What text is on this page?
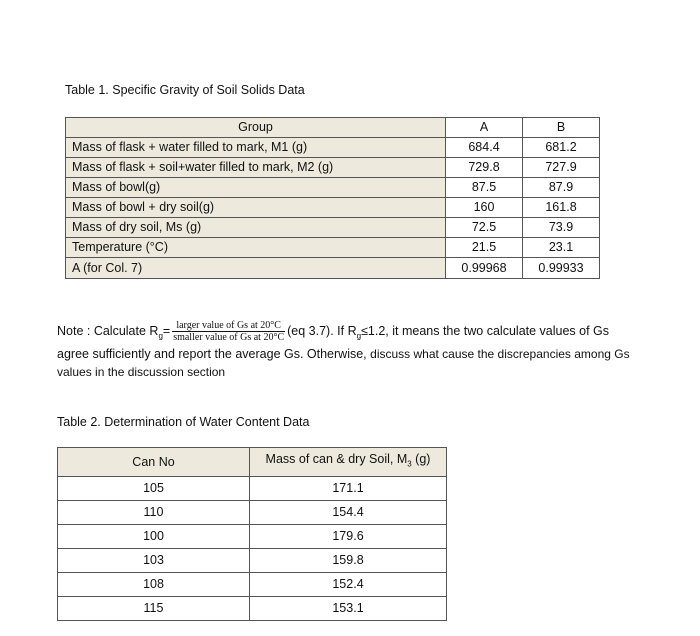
Table 1. Specific Gravity of Soil Solids Data
Group	A	B
Mass of flask + water filled to mark, M1 (g)	684.4	681.2
Mass of flask + soil+water filled to mark, M2 (g)	729.8	727.9
Mass of bowl(g)	87.5	87.9
Mass of bowl + dry soil(g)	160	161.8
Mass of dry soil, Ms (g)	72.5	73.9
Temperature (°C)	21.5	23.1
A (for Col. 7)	0.99968	0.99933
Note : Calculate $R_g= \frac{\text{larger value of Gs at 20°C}}{\text{smaller value of Gs at 20°C}} (eq$ 3.7). If $R_g\le 1.2$, it means the two calculate values of Gs
agree sufficiently and report the average Gs. Otherwise, discuss what cause the discrepancies among Gs
values in the discussion section
Table 2. Determination of Water Content Data
Can No	Mass of can & dry Soil, $M_3$ (g)
105	171.1
110	154.4
100	179.6
103	159.8
108	152.4
115	153.1
